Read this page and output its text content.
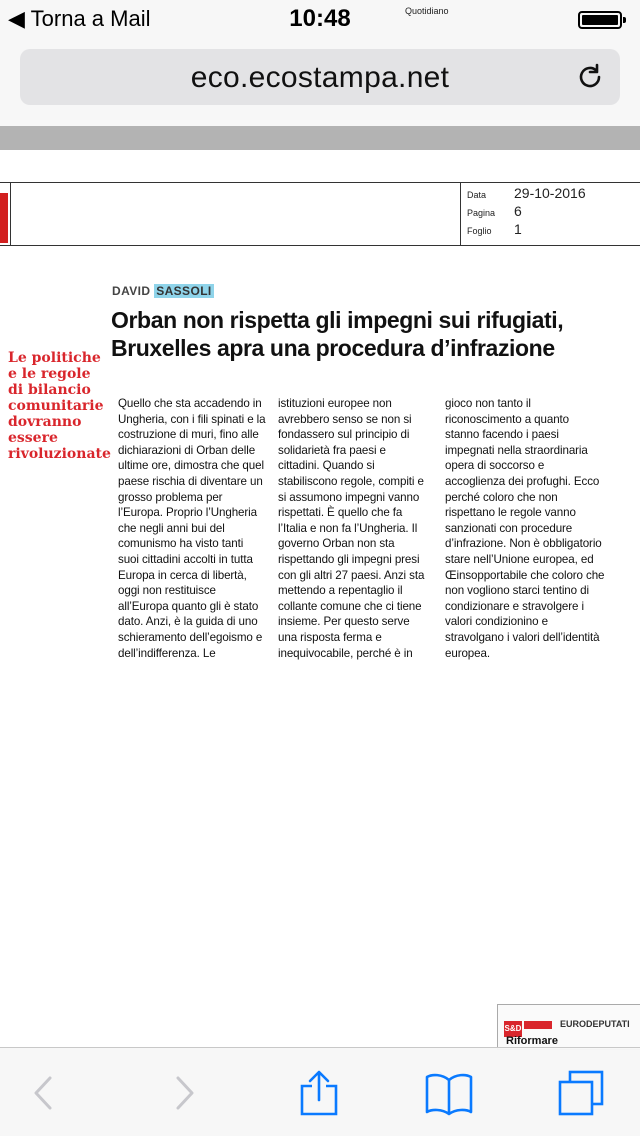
◀ Torna a Mail	10:48
eco.ecostampa.net
Quotidiano
Data 29-10-2016
Pagina 6
Foglio 1
DAVID SASSOLI
Orban non rispetta gli impegni sui rifugiati, Bruxelles apra una procedura d’infrazione
Le politiche e le regole di bilancio comunitarie dovranno essere rivoluzionate
Quello che sta accadendo in Ungheria, con i fili spinati e la costruzione di muri, fino alle dichiarazioni di Orban delle ultime ore, dimostra che quel paese rischia di diventare un grosso problema per l’Europa. Proprio l’Ungheria che negli anni bui del comunismo ha visto tanti suoi cittadini accolti in tutta Europa in cerca di libertà, oggi non restituisce all’Europa quanto gli è stato dato. Anzi, è la guida di uno schieramento dell’egoismo e dell’indifferenza. Le
istituzioni europee non avrebbero senso se non si fondassero sul principio di solidarietà fra paesi e cittadini. Quando si stabiliscono regole, compiti e si assumono impegni vanno rispettati. È quello che fa l’Italia e non fa l’Ungheria. Il governo Orban non sta rispettando gli impegni presi con gli altri 27 paesi. Anzi sta mettendo a repentaglio il collante comune che ci tiene insieme. Per questo serve una risposta ferma e inequivocabile, perché è in
gioco non tanto il riconoscimento a quanto stanno facendo i paesi impegnati nella straordinaria opera di soccorso e accoglienza dei profughi. Ecco perché coloro che non rispettano le regole vanno sanzionati con procedure d’infrazione. Non è obbligatorio stare nell’Unione europea, ed Œinsopportabile che coloro che non vogliono starci tentino di condizionare e stravolgere i valori condizionino e stravolgano i valori dell’identità europea.
S&D	EURODEPUTATI
Riformare
